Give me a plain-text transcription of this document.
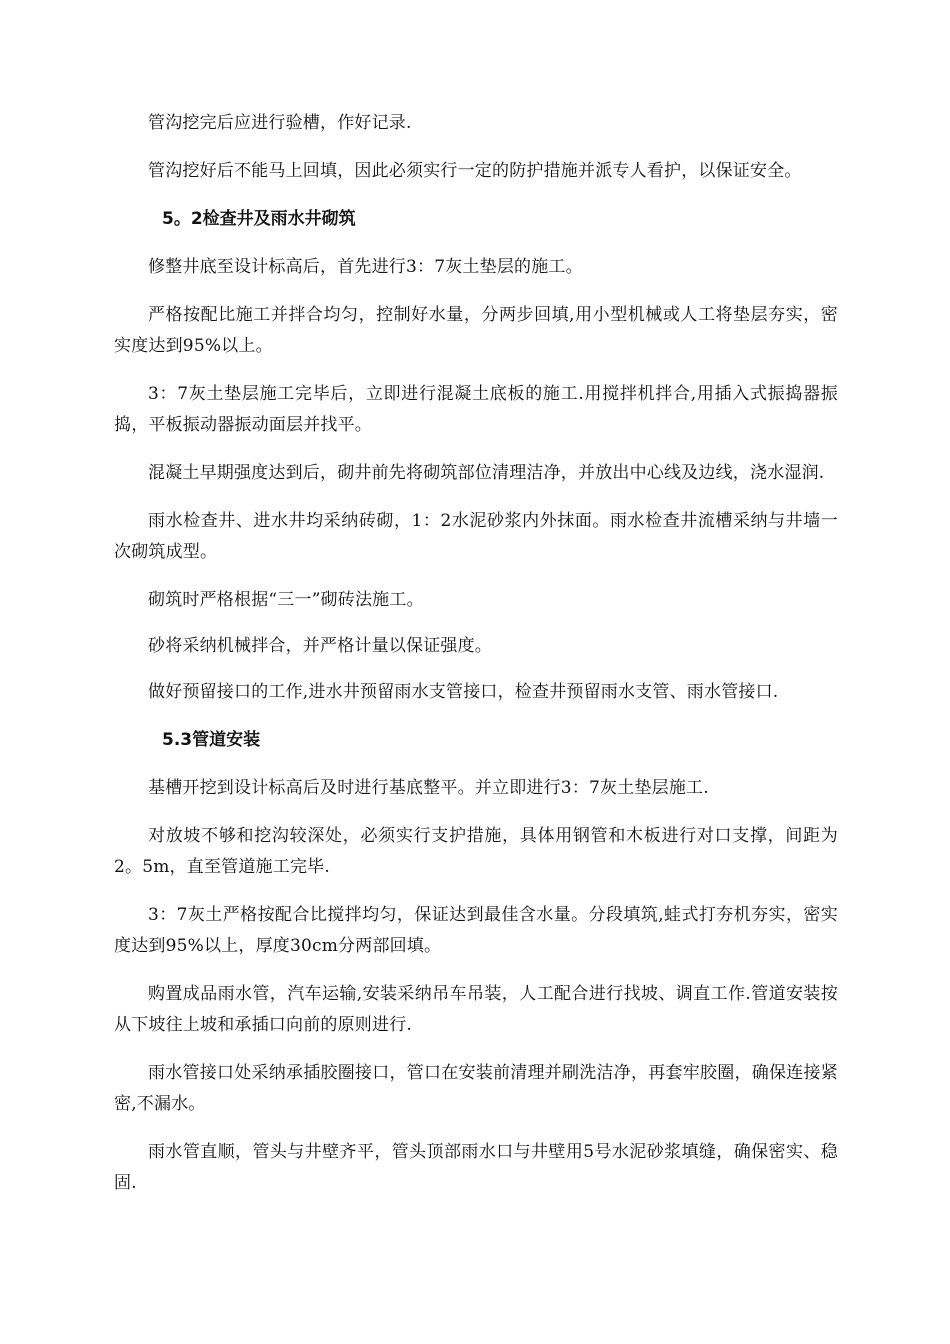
管沟挖完后应进行验槽，作好记录.

管沟挖好后不能马上回填，因此必须实行一定的防护措施并派专人看护，以保证安全。

5。2检查井及雨水井砌筑

修整井底至设计标高后，首先进行3：7灰土垫层的施工。

严格按配比施工并拌合均匀，控制好水量，分两步回填,用小型机械或人工将垫层夯实，密实度达到95%以上。

3：7灰土垫层施工完毕后，立即进行混凝土底板的施工.用搅拌机拌合,用插入式振捣器振捣，平板振动器振动面层并找平。

混凝土早期强度达到后，砌井前先将砌筑部位清理洁净，并放出中心线及边线，浇水湿润.

雨水检查井、进水井均采纳砖砌，1：2水泥砂浆内外抹面。雨水检查井流槽采纳与井墙一次砌筑成型。

砌筑时严格根据“三一”砌砖法施工。

砂将采纳机械拌合，并严格计量以保证强度。

做好预留接口的工作,进水井预留雨水支管接口，检查井预留雨水支管、雨水管接口.

5.3管道安装

基槽开挖到设计标高后及时进行基底整平。并立即进行3：7灰土垫层施工.

对放坡不够和挖沟较深处，必须实行支护措施，具体用钢管和木板进行对口支撑，间距为2。5m，直至管道施工完毕.

3：7灰土严格按配合比搅拌均匀，保证达到最佳含水量。分段填筑,蛙式打夯机夯实，密实度达到95%以上，厚度30cm分两部回填。

购置成品雨水管，汽车运输,安装采纳吊车吊装，人工配合进行找坡、调直工作.管道安装按从下坡往上坡和承插口向前的原则进行.

雨水管接口处采纳承插胶圈接口，管口在安装前清理并刷洗洁净，再套牢胶圈，确保连接紧密,不漏水。

雨水管直顺，管头与井壁齐平，管头顶部雨水口与井壁用5号水泥砂浆填缝，确保密实、稳固.
